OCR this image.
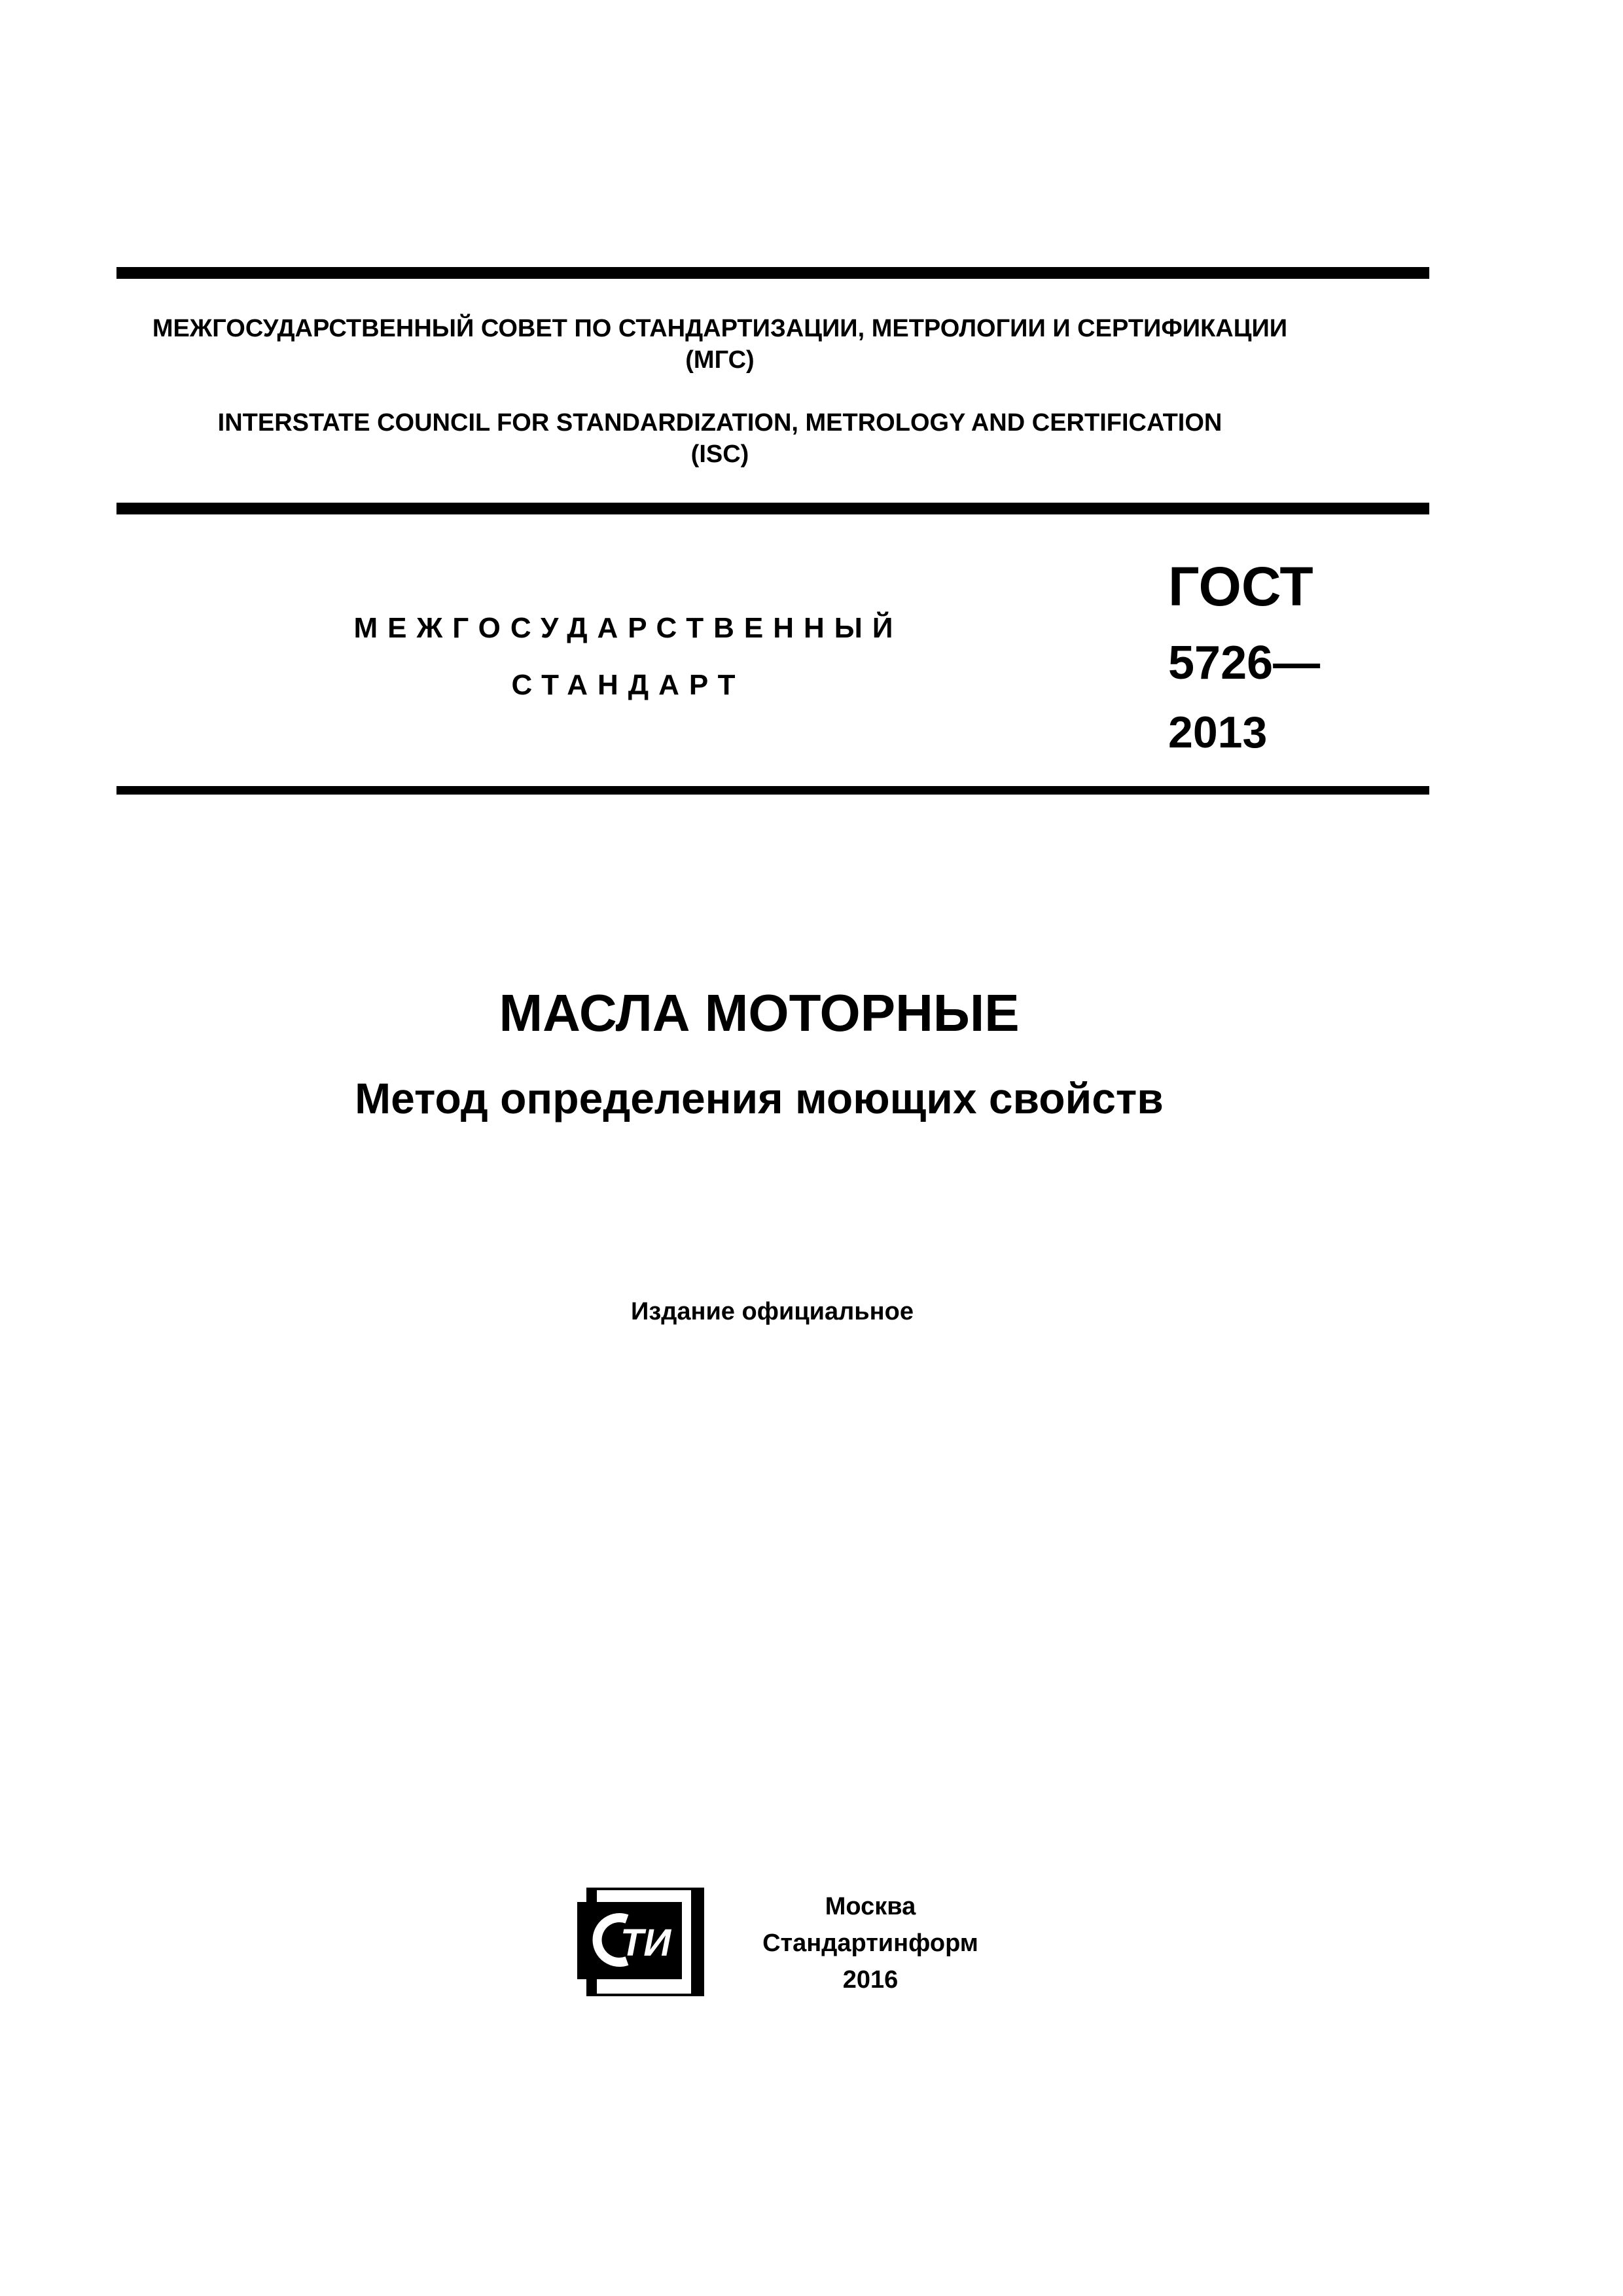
МЕЖГОСУДАРСТВЕННЫЙ СОВЕТ ПО СТАНДАРТИЗАЦИИ, МЕТРОЛОГИИ И СЕРТИФИКАЦИИ
(МГС)
INTERSTATE COUNCIL FOR STANDARDIZATION, METROLOGY AND CERTIFICATION
(ISC)
МЕЖГОСУДАРСТВЕННЫЙ
СТАНДАРТ
ГОСТ
5726—
2013
МАСЛА МОТОРНЫЕ
Метод определения моющих свойств
Издание официальное
ТИ
Москва
Стандартинформ
2016
